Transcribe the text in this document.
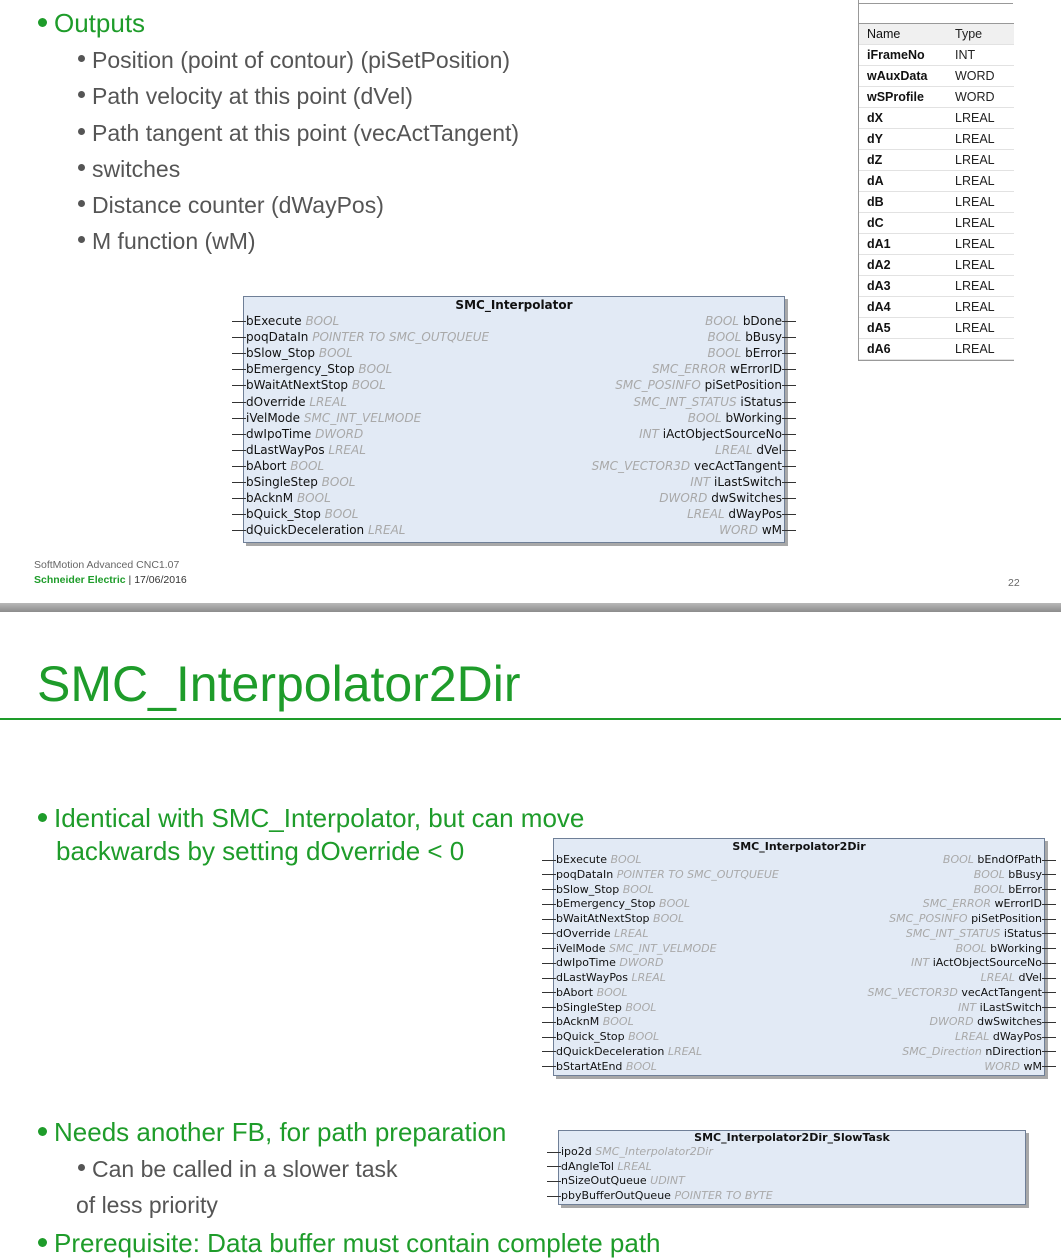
Outputs
Position (point of contour) (piSetPosition)
Path velocity at this point (dVel)
Path tangent at this point (vecActTangent)
switches
Distance counter (dWayPos)
M function (wM)
Name	Type
iFrameNo	INT
wAuxData	WORD
wSProfile	WORD
dX	LREAL
dY	LREAL
dZ	LREAL
dA	LREAL
dB	LREAL
dC	LREAL
dA1	LREAL
dA2	LREAL
dA3	LREAL
dA4	LREAL
dA5	LREAL
dA6	LREAL
SMC_Interpolator
bExecute BOOL
poqDataIn POINTER TO SMC_OUTQUEUE
bSlow_Stop BOOL
bEmergency_Stop BOOL
bWaitAtNextStop BOOL
dOverride LREAL
iVelMode SMC_INT_VELMODE
dwIpoTime DWORD
dLastWayPos LREAL
bAbort BOOL
bSingleStep BOOL
bAcknM BOOL
bQuick_Stop BOOL
dQuickDeceleration LREAL
BOOL bDone
BOOL bBusy
BOOL bError
SMC_ERROR wErrorID
SMC_POSINFO piSetPosition
SMC_INT_STATUS iStatus
BOOL bWorking
INT iActObjectSourceNo
LREAL dVel
SMC_VECTOR3D vecActTangent
INT iLastSwitch
DWORD dwSwitches
LREAL dWayPos
WORD wM
SoftMotion Advanced CNC1.07
Schneider Electric | 17/06/2016	22
SMC_Interpolator2Dir
Identical with SMC_Interpolator, but can move
backwards by setting dOverride < 0	SMC_Interpolator2Dir
bExecute BOOL
poqDataIn POINTER TO SMC_OUTQUEUE
bSlow_Stop BOOL
bEmergency_Stop BOOL
bWaitAtNextStop BOOL
dOverride LREAL
iVelMode SMC_INT_VELMODE
dwIpoTime DWORD
dLastWayPos LREAL
bAbort BOOL
bSingleStep BOOL
bAcknM BOOL
bQuick_Stop BOOL
dQuickDeceleration LREAL
bStartAtEnd BOOL
BOOL bEndOfPath
BOOL bBusy
BOOL bError
SMC_ERROR wErrorID
SMC_POSINFO piSetPosition
SMC_INT_STATUS iStatus
BOOL bWorking
INT iActObjectSourceNo
LREAL dVel
SMC_VECTOR3D vecActTangent
INT iLastSwitch
DWORD dwSwitches
LREAL dWayPos
SMC_Direction nDirection
WORD wM
Needs another FB, for path preparation
Can be called in a slower task
of less priority
Prerequisite: Data buffer must contain complete path
SMC_Interpolator2Dir_SlowTask
ipo2d SMC_Interpolator2Dir
dAngleTol LREAL
nSizeOutQueue UDINT
pbyBufferOutQueue POINTER TO BYTE
